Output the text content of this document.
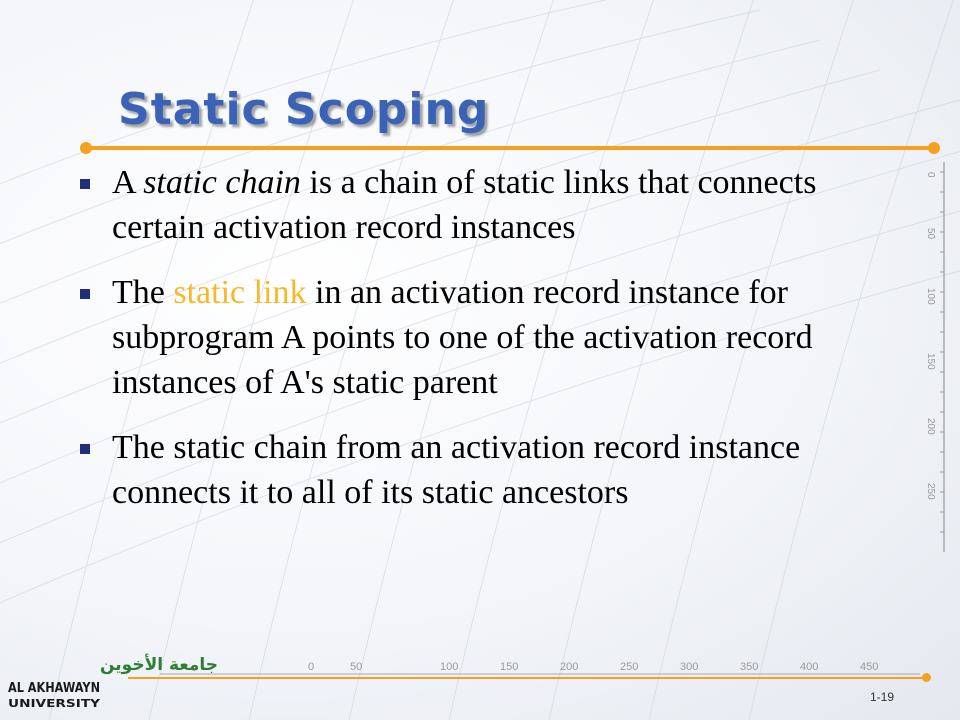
Static Scoping
A static chain is a chain of static links that connects certain activation record instances
The static link in an activation record instance for subprogram A points to one of the activation record instances of A's static parent
The static chain from an activation record instance connects it to all of its static ancestors
0
50
100
150
200
250
0	50	100	150	200	250	300	350	400	450
جامعة الأخوين
AL AKHAWAYN
UNIVERSITY	1-19
